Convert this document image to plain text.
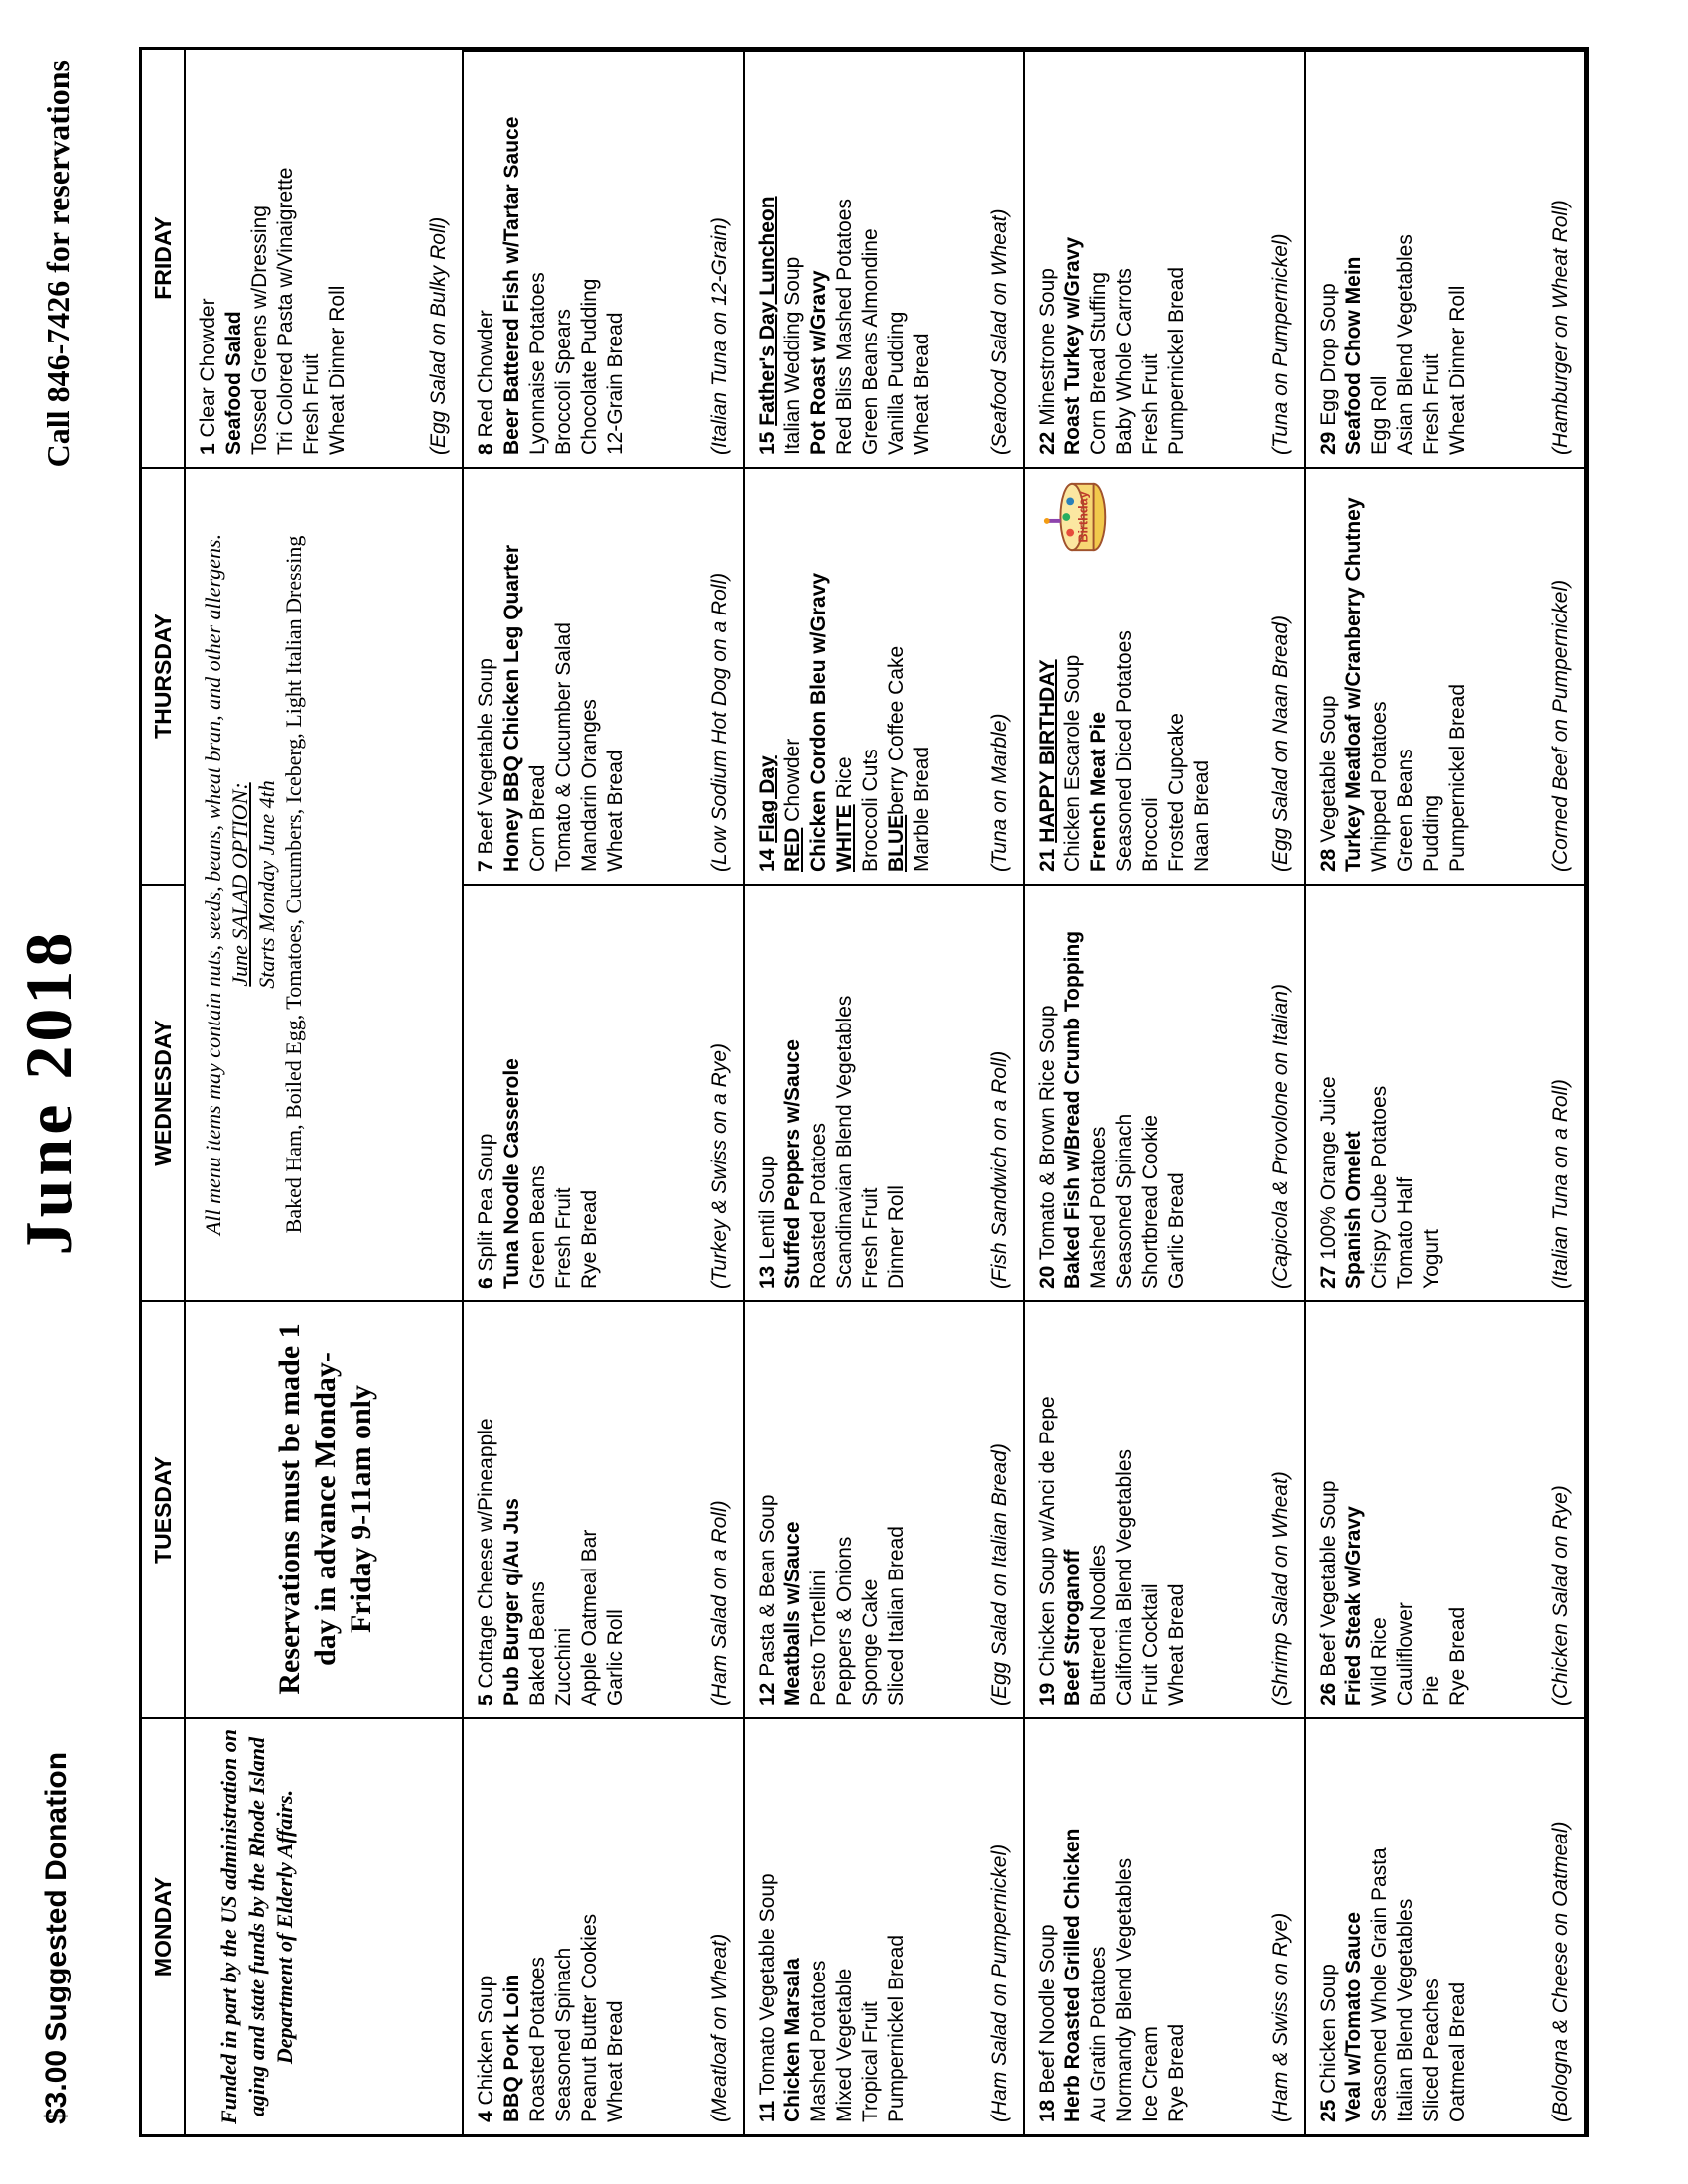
$3.00 Suggested Donation
June 2018
Call 846-7426 for reservations
MONDAY
TUESDAY
WEDNESDAY
THURSDAY
FRIDAY
Funded in part by the US administration on aging and state funds by the Rhode Island Department of Elderly Affairs.
Reservations must be made 1 day in advance Monday-Friday 9-11am only
All menu items may contain nuts, seeds, beans, wheat bran, and other allergens. June SALAD OPTION: Starts Monday June 4th Baked Ham, Boiled Egg, Tomatoes, Cucumbers, Iceberg, Light Italian Dressing
1 Clear Chowder Seafood Salad Tossed Greens w/Dressing Tri Colored Pasta w/Vinaigrette Fresh Fruit Wheat Dinner Roll	(Egg Salad on Bulky Roll)
4 Chicken Soup BBQ Pork Loin Roasted Potatoes Seasoned Spinach Peanut Butter Cookies Wheat Bread	(Meatloaf on Wheat)
5 Cottage Cheese w/Pineapple Pub Burger q/Au Jus Baked Beans Zucchini Apple Oatmeal Bar Garlic Roll	(Ham Salad on a Roll)
6 Split Pea Soup Tuna Noodle Casserole Green Beans Fresh Fruit Rye Bread	(Turkey & Swiss on a Rye)
7 Beef Vegetable Soup Honey BBQ Chicken Leg Quarter Corn Bread Tomato & Cucumber Salad Mandarin Oranges Wheat Bread	(Low Sodium Hot Dog on a Roll)
8 Red Chowder Beer Battered Fish w/Tartar Sauce Lyonnaise Potatoes Broccoli Spears Chocolate Pudding 12-Grain Bread	(Italian Tuna on 12-Grain)
11 Tomato Vegetable Soup Chicken Marsala Mashed Potatoes Mixed Vegetable Tropical Fruit Pumpernickel Bread	(Ham Salad on Pumpernickel)
12 Pasta & Bean Soup Meatballs w/Sauce Pesto Tortellini Peppers & Onions Sponge Cake Sliced Italian Bread	(Egg Salad on Italian Bread)
13 Lentil Soup Stuffed Peppers w/Sauce Roasted Potatoes Scandinavian Blend Vegetables Fresh Fruit Dinner Roll	(Fish Sandwich on a Roll)
14 Flag Day
RED Chowder Chicken Cordon Bleu w/Gravy WHITE Rice Broccoli Cuts BLUEberry Coffee Cake Marble Bread	(Tuna on Marble)
15 Father's Day Luncheon Italian Wedding Soup Pot Roast w/Gravy Red Bliss Mashed Potatoes Green Beans Almondine Vanilla Pudding Wheat Bread	(Seafood Salad on Wheat)
18 Beef Noodle Soup Herb Roasted Grilled Chicken Au Gratin Potatoes Normandy Blend Vegetables Ice Cream Rye Bread	(Ham & Swiss on Rye)
19 Chicken Soup w/Anci de Pepe Beef Stroganoff Buttered Noodles California Blend Vegetables Fruit Cocktail Wheat Bread	(Shrimp Salad on Wheat)
20 Tomato & Brown Rice Soup Baked Fish w/Bread Crumb Topping Mashed Potatoes Seasoned Spinach Shortbread Cookie Garlic Bread	(Capicola & Provolone on Italian)
21 HAPPY BIRTHDAY Chicken Escarole Soup French Meat Pie Seasoned Diced Potatoes Broccoli Frosted Cupcake Naan Bread
Birthday
(Egg Salad on Naan Bread)
22 Minestrone Soup Roast Turkey w/Gravy Corn Bread Stuffing Baby Whole Carrots Fresh Fruit Pumpernickel Bread	(Tuna on Pumpernickel)
25 Chicken Soup Veal w/Tomato Sauce Seasoned Whole Grain Pasta Italian Blend Vegetables Sliced Peaches Oatmeal Bread	(Bologna & Cheese on Oatmeal)
26 Beef Vegetable Soup Fried Steak w/Gravy Wild Rice Cauliflower Pie Rye Bread	(Chicken Salad on Rye)
27 100% Orange Juice Spanish Omelet Crispy Cube Potatoes Tomato Half Yogurt	(Italian Tuna on a Roll)
28 Vegetable Soup Turkey Meatloaf w/Cranberry Chutney Whipped Potatoes Green Beans Pudding Pumpernickel Bread	(Corned Beef on Pumpernickel)
29 Egg Drop Soup Seafood Chow Mein Egg Roll Asian Blend Vegetables Fresh Fruit Wheat Dinner Roll	(Hamburger on Wheat Roll)
